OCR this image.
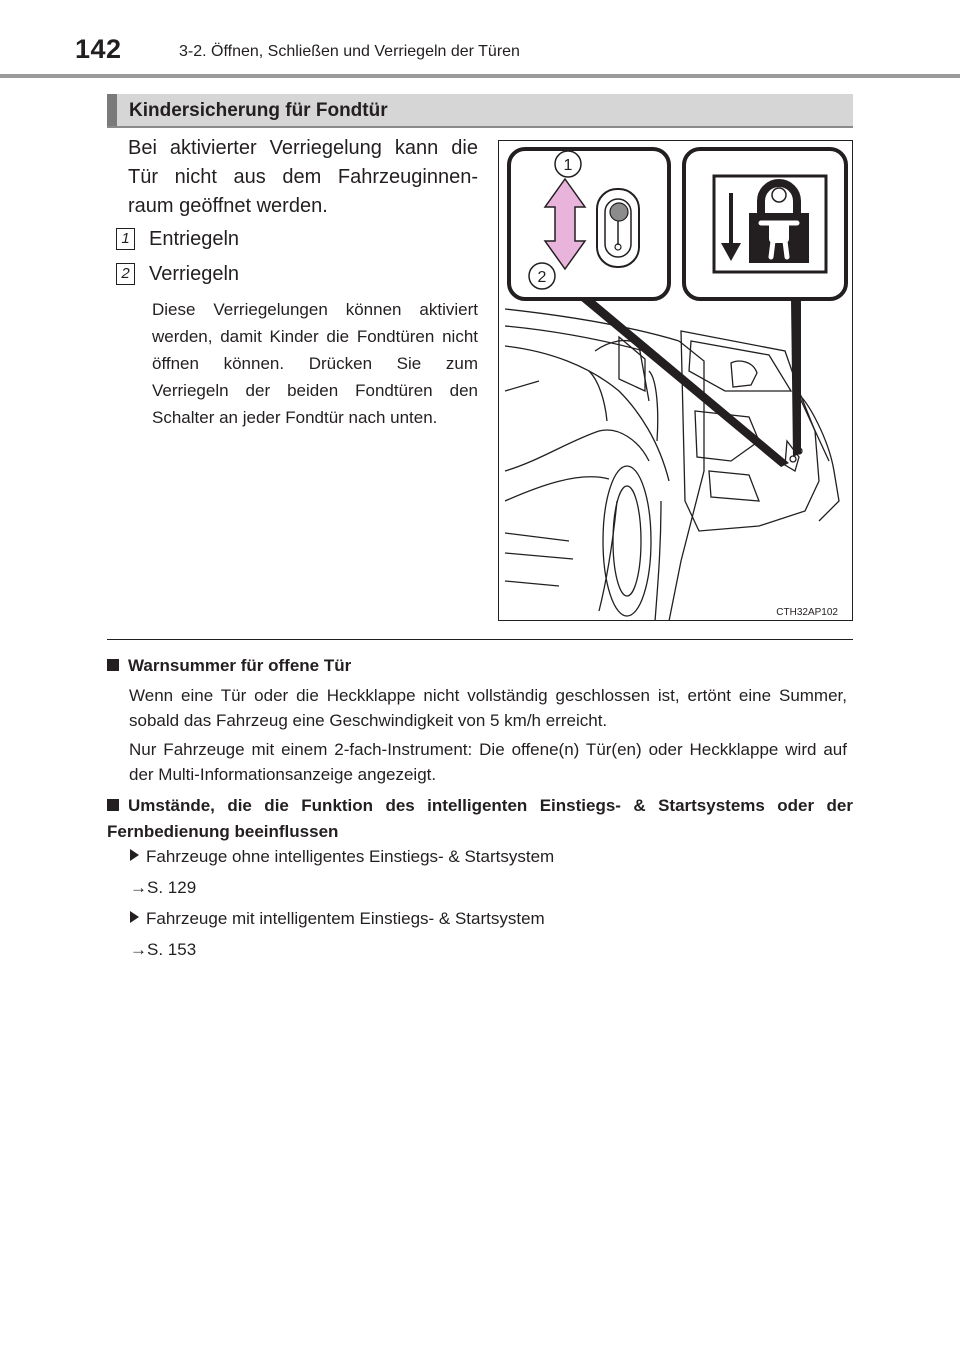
142	3-2. Öffnen, Schließen und Verriegeln der Türen
Kindersicherung für Fondtür
Bei aktivierter Verriegelung kann die Tür nicht aus dem Fahrzeuginnen-raum geöffnet werden.
1 Entriegeln
2 Verriegeln
Diese Verriegelungen können aktiviert werden, damit Kinder die Fondtüren nicht öffnen können. Drücken Sie zum Verriegeln der beiden Fondtüren den Schalter an jeder Fondtür nach unten.
1
2
CTH32AP102
Warnsummer für offene Tür
Wenn eine Tür oder die Heckklappe nicht vollständig geschlossen ist, ertönt eine Summer, sobald das Fahrzeug eine Geschwindigkeit von 5 km/h erreicht.
Nur Fahrzeuge mit einem 2-fach-Instrument: Die offene(n) Tür(en) oder Heckklappe wird auf der Multi-Informationsanzeige angezeigt.
Umstände, die die Funktion des intelligenten Einstiegs- & Startsystems oder der Fernbedienung beeinflussen
Fahrzeuge ohne intelligentes Einstiegs- & Startsystem
→S. 129
Fahrzeuge mit intelligentem Einstiegs- & Startsystem
→S. 153
